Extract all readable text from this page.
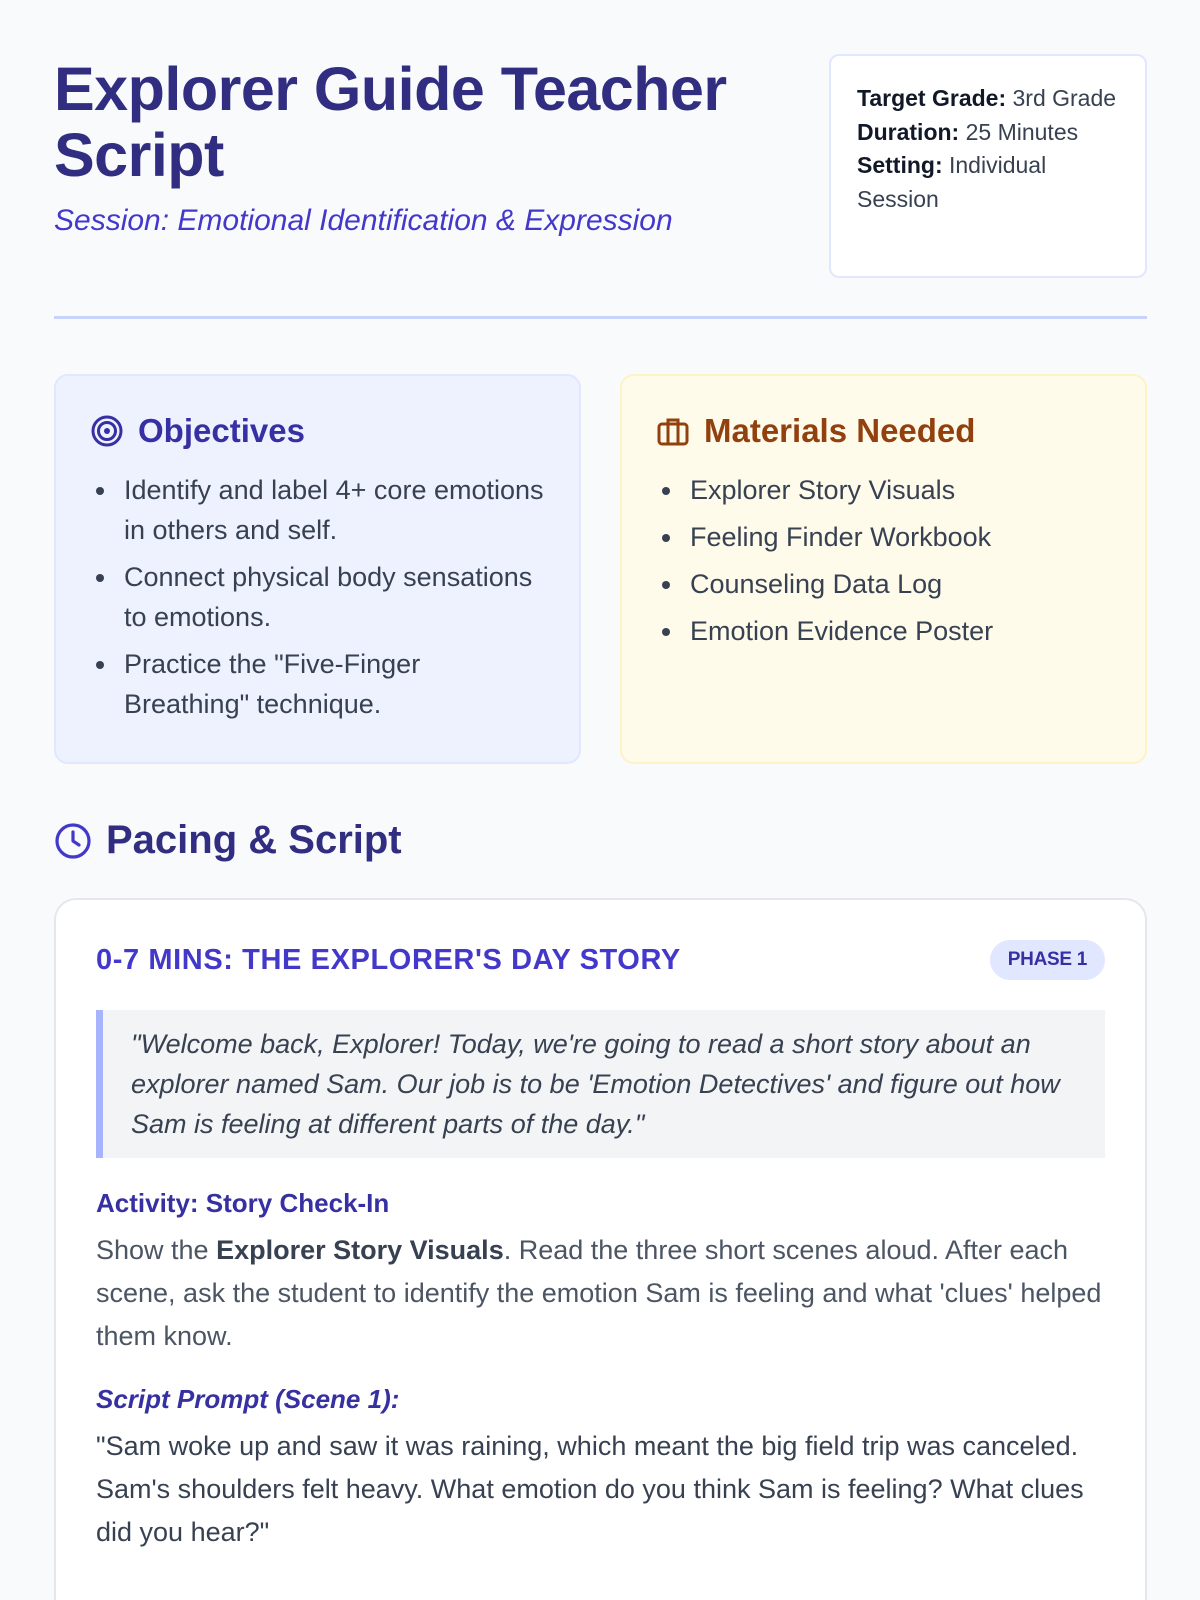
Explorer Guide Teacher Script
Session: Emotional Identification & Expression
Target Grade: 3rd Grade
Duration: 25 Minutes
Setting: Individual Session
Objectives
Identify and label 4+ core emotions in others and self.
Connect physical body sensations to emotions.
Practice the "Five-Finger Breathing" technique.
Materials Needed
Explorer Story Visuals
Feeling Finder Workbook
Counseling Data Log
Emotion Evidence Poster
Pacing & Script
0-7 MINS: THE EXPLORER'S DAY STORY	PHASE 1
"Welcome back, Explorer! Today, we're going to read a short story about an explorer named Sam. Our job is to be 'Emotion Detectives' and figure out how Sam is feeling at different parts of the day."
Activity: Story Check-In
Show the Explorer Story Visuals. Read the three short scenes aloud. After each scene, ask the student to identify the emotion Sam is feeling and what 'clues' helped them know.
Script Prompt (Scene 1):
"Sam woke up and saw it was raining, which meant the big field trip was canceled. Sam's shoulders felt heavy. What emotion do you think Sam is feeling? What clues did you hear?"
